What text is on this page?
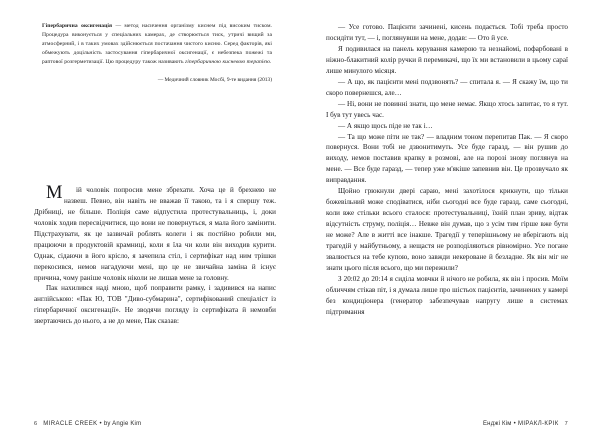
Гіпербарична оксигенація — метод насичення організму киснем під високим тиском. Процедура виконується у спеціальних камерах, де створюється тиск, утричі вищий за атмосферний, і в таких умовах здійснюється постачання чистого кисню. Серед факторів, які обмежують доцільність застосування гіпербаричної оксигенації, є небезпека пожежі та раптової розгерметизації. Цю процедуру також називають гіпербаричною кисневою терапією.
— Медичний словник Мосбі, 9-те видання (2013)

М ій чоловік попросив мене збрехати. Хоча це й брехнею не назвеш. Певно, він навіть не вважав її такою, та і я спершу теж. Дрібниці, не більше. Поліція саме відпустила протестувальниць, і, доки чоловік ходив пересвідчитися, що вони не повернуться, я мала його замінити. Підстрахувати, як це зазвичай роблять колеги і як постійно робили ми, працюючи в продуктовій крамниці, коли я їла чи коли він виходив курити. Однак, сідаючи в його крісло, я зачепила стіл, і сертифікат над ним трішки перекосився, немов нагадуючи мені, що це не звичайна заміна й існує причина, чому раніше чоловік ніколи не лишав мене за головну.

Пак нахилився наді мною, щоб поправити рамку, і задивився на напис англійською: «Пак Ю, ТОВ "Диво-субмарина", сертифікований спеціаліст із гіпербаричної оксигенації». Не зводячи погляду із сертифіката й немовби звертаючись до нього, а не до мене, Пак сказав:

6 MIRACLE CREEK • by Angie Kim

— Усе готово. Пацієнти зачинені, кисень подається. Тобі треба просто посидіти тут, — і, поглянувши на мене, додав: — Ото й усе.

Я подивилася на панель керування камерою та незнайомі, пофарбовані в ніжно-блакитний колір ручки й перемикачі, що їх ми встановили в цьому сараї лише минулого місяця.

— А що, як пацієнти мені подзвонять? — спитала я. — Я скажу їм, що ти скоро повернешся, але…

— Ні, вони не повинні знати, що мене немає. Якщо хтось запитає, то я тут. І був тут увесь час.

— А якщо щось піде не так і…

— Та що може піти не так? — владним тоном перепитав Пак. — Я скоро повернуся. Вони тобі не дзвонитимуть. Усе буде гаразд, — він рушив до виходу, немов поставив крапку в розмові, але на порозі знову поглянув на мене. — Все буде гаразд, — тепер уже м'якіше запевнив він. Це прозвучало як виправдання.

Щойно грюкнули двері сараю, мені захотілося крикнути, що тільки божевільний може сподіватися, ніби сьогодні все буде гаразд, саме сьогодні, коли вже стільки всього сталося: протестувальниці, їхній план зриву, відтак відсутність струму, поліція… Невже він думав, що з усім тим гірше вже бути не може? Але в житті все інакше. Трагедії у теперішньому не вберігають від трагедій у майбутньому, а нещастя не розподіляються рівномірно. Усе погане звалюється на тебе купою, воно завжди некероване й безладне. Як він міг не знати цього після всього, що ми пережили?

З 20:02 до 20:14 я сиділа мовчки й нічого не робила, як він і просив. Моїм обличчям стікав піт, і я думала лише про шістьох пацієнтів, зачинених у камері без кондиціонера (генератор забезпечував напругу лише в системах підтримання

Енджі Кім • МІРАКЛ-КРІК 7
